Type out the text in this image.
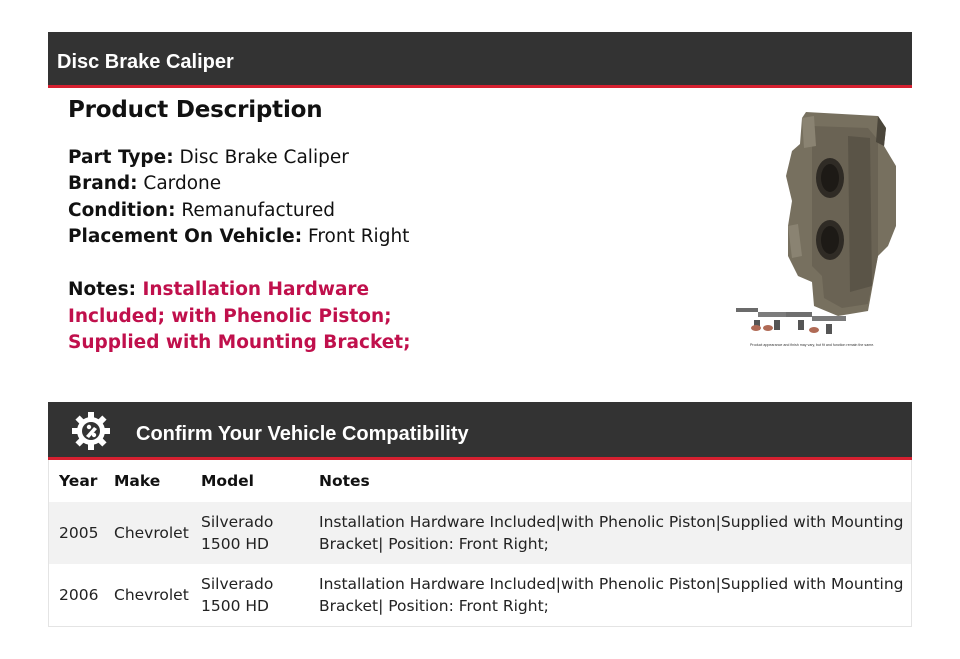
Disc Brake Caliper
Product Description
Part Type: Disc Brake Caliper
Brand: Cardone
Condition: Remanufactured
Placement On Vehicle: Front Right
Notes: Installation Hardware Included; with Phenolic Piston; Supplied with Mounting Bracket;	Product appearance and finish may vary, but fit and function remain the same.
Confirm Your Vehicle Compatibility
Year	Make	Model	Notes
2005	Chevrolet	Silverado 1500 HD	Installation Hardware Included|with Phenolic Piston|Supplied with Mounting Bracket| Position: Front Right;
2006	Chevrolet	Silverado 1500 HD	Installation Hardware Included|with Phenolic Piston|Supplied with Mounting Bracket| Position: Front Right;
